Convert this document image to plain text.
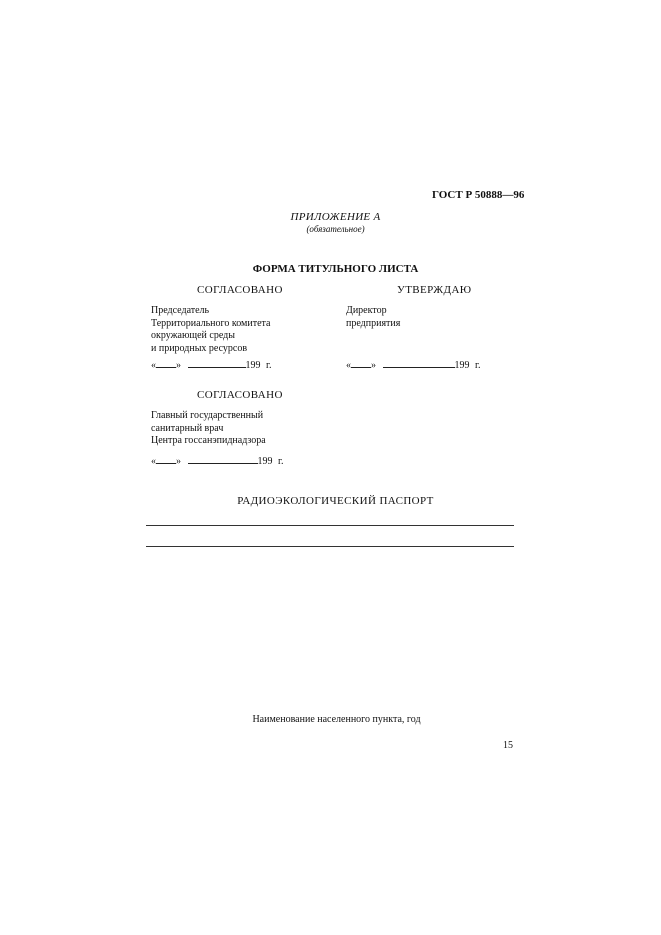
ГОСТ Р 50888—96
ПРИЛОЖЕНИЕ А
(обязательное)
ФОРМА ТИТУЛЬНОГО ЛИСТА
СОГЛАСОВАНО
Председатель
Территориального комитета
окружающей среды
и природных ресурсов
« »	199 г.
УТВЕРЖДАЮ
Директор
предприятия
« »	199 г.
СОГЛАСОВАНО
Главный государственный
санитарный врач
Центра госсанэпиднадзора
« »	199 г.
РАДИОЭКОЛОГИЧЕСКИЙ ПАСПОРТ
Наименование населенного пункта, год
15
